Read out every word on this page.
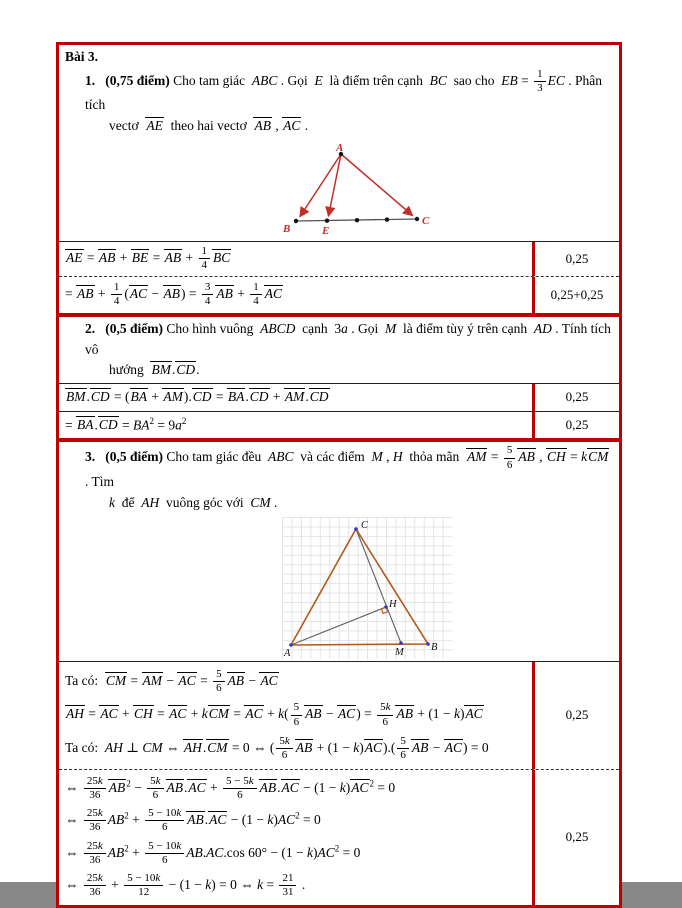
Bài 3.
1. (0,75 điểm) Cho tam giác  ABC . Gọi  E  là điểm trên cạnh  BC  sao cho  EB = $\frac{1}{3}$ EC . Phân tích
vectơ  AE  theo hai vectơ  AB , AC .
A
B	E
C
AE = AB + BE = AB + $\frac{1}{4}$ BC	0,25
= AB + $\frac{1}{4} (AC - AB) = \frac{3}{4}$ AB + $\frac{1}{4}$ AC	0,25+0,25
2. (0,5 điểm) Cho hình vuông  ABCD  cạnh  3a . Gọi  M  là điểm tùy ý trên cạnh  AD . Tính tích vô
hướng  BM.CD.
BM.CD = (BA + AM).CD = BA.CD + AM.CD	0,25
= $BA.CD = BA^2 = 9a^2$	0,25
3. (0,5 điểm) Cho tam giác đều  ABC  và các điểm  M , H  thỏa mãn  AM = $\frac{5}{6}$ AB , CH = kCM . Tìm
k  để  AH  vuông góc với  CM .
C
A
B
M
H
Ta có:  CM = AM − AC = $\frac{5}{6}$ AB − AC
AH = AC + CH = AC + kCM = AC + $k( \frac{5}{6}$ AB − $AC) = \frac{5k}{6}$ AB + (1 − k)AC
Ta có:  AH ⊥ CM ⇔ AH.CM = 0 ⇔ ( $\frac{5k}{6}$ AB + $(1 - k)AC).( \frac{5}{6}$ AB − AC) = 0
0,25
⇔ $\frac{25k}{36} AB^2 - \frac{5k}{6} AB.AC + \frac{5 - 5k}{6} AB.AC - (1 - k)AC^2 = 0$
⇔ $\frac{25k}{36} AB^2 + \frac{5 - 10k}{6} AB.AC - (1 - k)AC^2 = 0$
⇔ $\frac{25k}{36} AB^2 + \frac{5 - 10k}{6} AB.AC.\cos$ $60^\circ - (1 - k)AC^2 = 0$
⇔ $\frac{25k}{36} + \frac{5 - 10k}{12} - (1 - k) = 0$ ⇔ $k = \frac{21}{31}$ .
0,25
